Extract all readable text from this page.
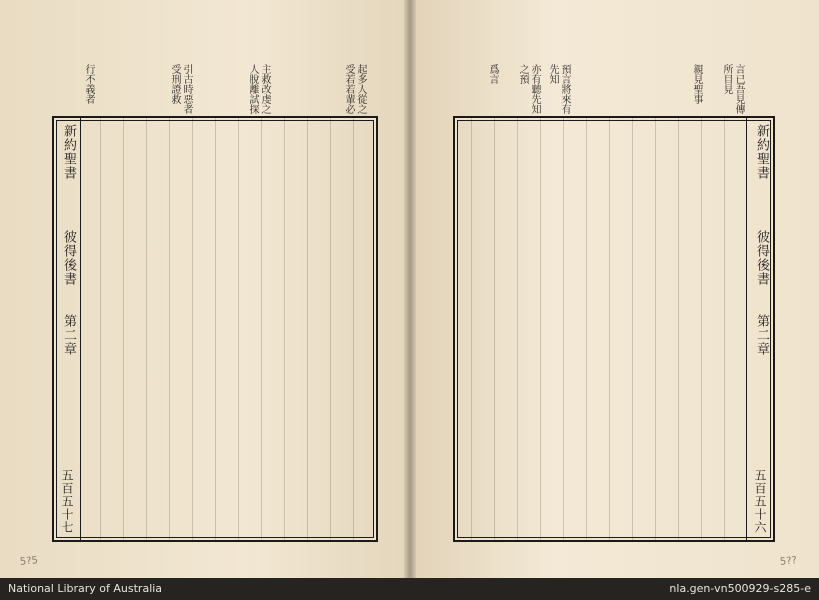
起多人從之受若若輩必
主救改虔之人脫離試探
引古時惡者受刑證救
行不義者	言已吾見傳所目見
親見聖事
預言將來有先知
亦有聽先知之預
爲言
新約聖書
彼得後書
第二章
五百五十七
新約聖書
彼得後書
第二章
五百五十六
5?5	5??
National Library of Australia	nla.gen-vn500929-s285-e
